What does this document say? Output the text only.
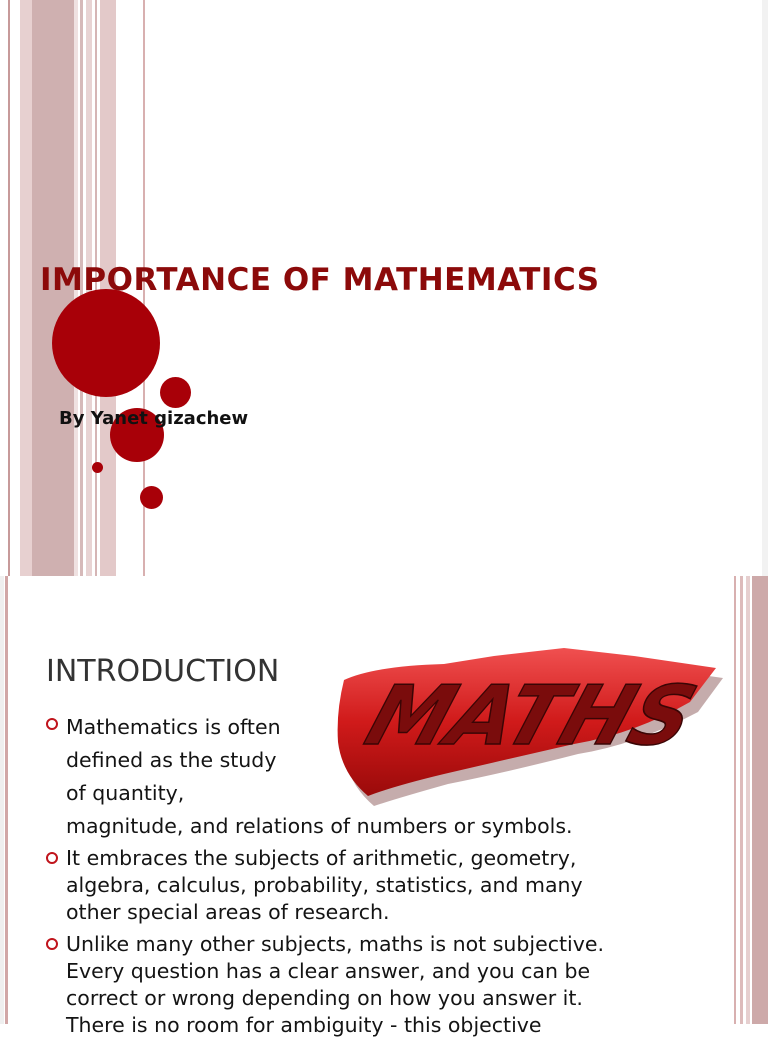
IMPORTANCE OF MATHEMATICS

By Yanet gizachew

INTRODUCTION MATHS
Mathematics is often
defined as the study
of quantity,
magnitude, and relations of numbers or symbols.
It embraces the subjects of arithmetic, geometry,
algebra, calculus, probability, statistics, and many
other special areas of research.
Unlike many other subjects, maths is not subjective.
Every question has a clear answer, and you can be
correct or wrong depending on how you answer it.
There is no room for ambiguity - this objective
